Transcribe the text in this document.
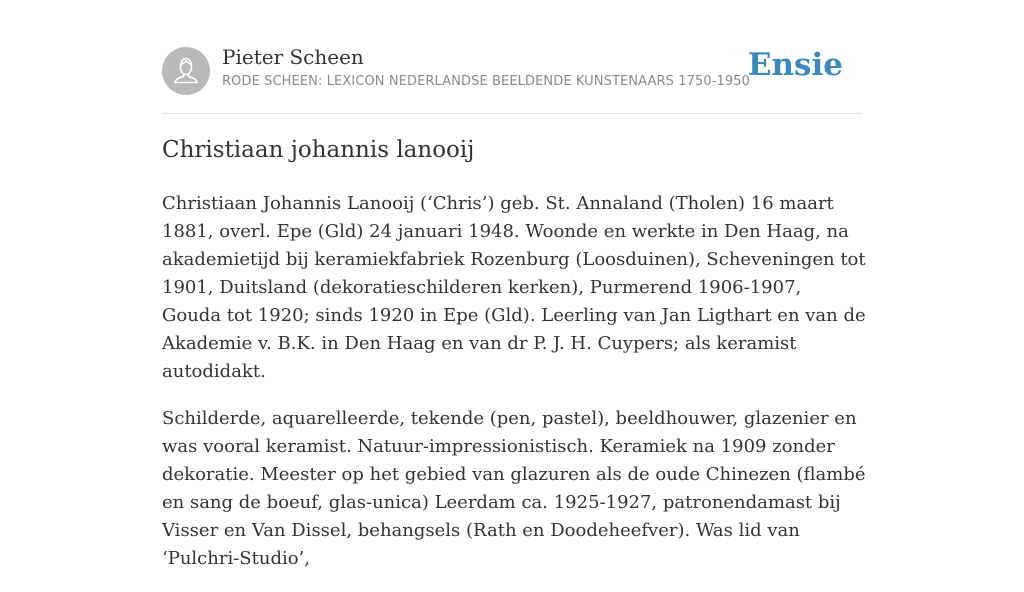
Pieter Scheen
RODE SCHEEN: LEXICON NEDERLANDSE BEELDENDE KUNSTENAARS 1750-1950
Ensie
Christiaan johannis lanooij

Christiaan Johannis Lanooij (‘Chris’) geb. St. Annaland (Tholen) 16 maart 1881, overl. Epe (Gld) 24 januari 1948. Woonde en werkte in Den Haag, na akademietijd bij keramiekfabriek Rozenburg (Loosduinen), Scheveningen tot 1901, Duitsland (dekoratieschilderen kerken), Purmerend 1906-1907, Gouda tot 1920; sinds 1920 in Epe (Gld). Leerling van Jan Ligthart en van de Akademie v. B.K. in Den Haag en van dr P. J. H. Cuypers; als keramist autodidakt.

Schilderde, aquarelleerde, tekende (pen, pastel), beeldhouwer, glazenier en was vooral keramist. Natuur-impressionistisch. Keramiek na 1909 zonder dekoratie. Meester op het gebied van glazuren als de oude Chinezen (flambé en sang de boeuf, glas-unica) Leerdam ca. 1925-1927, patronendamast bij Visser en Van Dissel, behangsels (Rath en Doodeheefver). Was lid van ‘Pulchri-Studio’,
